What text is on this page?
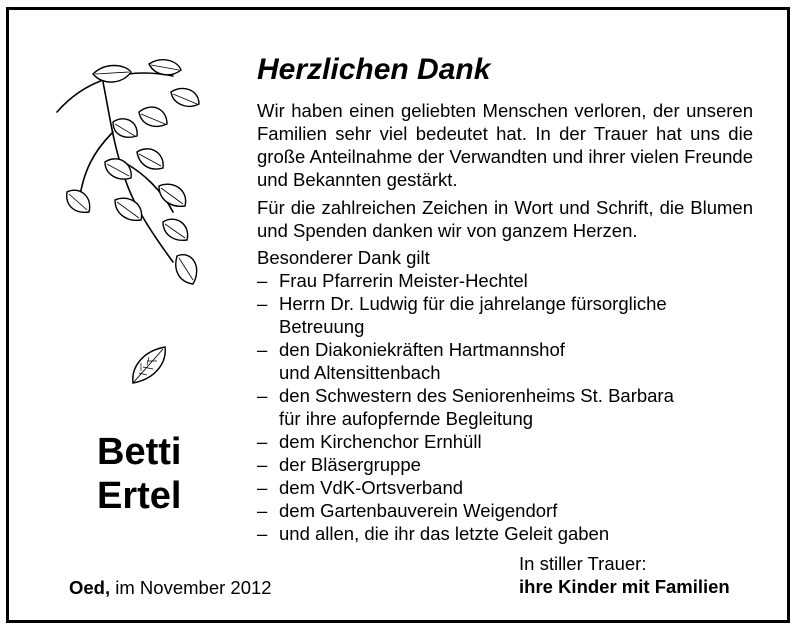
Betti
Ertel
Herzlichen Dank
Wir haben einen geliebten Menschen verloren, der unseren Familien sehr viel bedeutet hat. In der Trauer hat uns die große Anteilnahme der Verwandten und ihrer vielen Freunde und Bekannten gestärkt.
Für die zahlreichen Zeichen in Wort und Schrift, die Blumen und Spenden danken wir von ganzem Herzen.
Besonderer Dank gilt
– Frau Pfarrerin Meister-Hechtel
– Herrn Dr. Ludwig für die jahrelange fürsorgliche
Betreuung
– den Diakoniekräften Hartmannshof
und Altensittenbach
– den Schwestern des Seniorenheims St. Barbara
für ihre aufopfernde Begleitung
– dem Kirchenchor Ernhüll
– der Bläsergruppe
– dem VdK-Ortsverband
– dem Gartenbauverein Weigendorf
– und allen, die ihr das letzte Geleit gaben
Oed, im November 2012
In stiller Trauer:
ihre Kinder mit Familien
